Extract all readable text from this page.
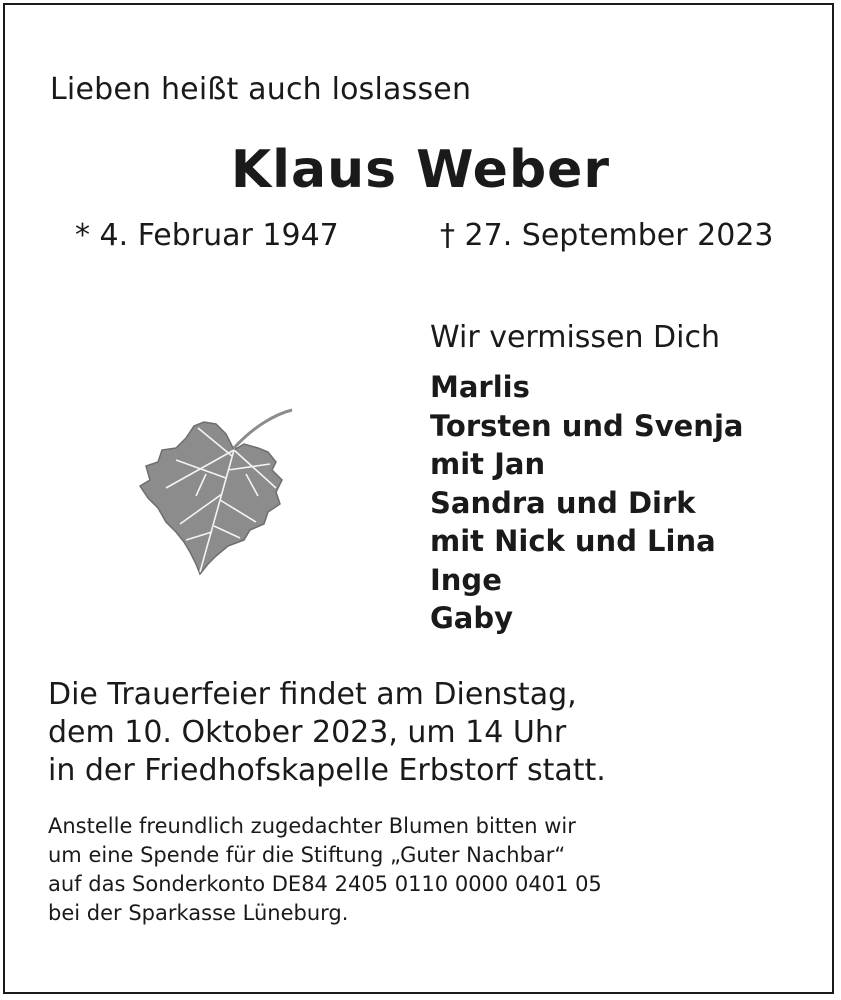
Lieben heißt auch loslassen
Klaus Weber
* 4. Februar 1947	† 27. September 2023
Wir vermissen Dich
Marlis
Torsten und Svenja
mit Jan
Sandra und Dirk
mit Nick und Lina
Inge
Gaby
Die Trauerfeier findet am Dienstag,
dem 10. Oktober 2023, um 14 Uhr
in der Friedhofskapelle Erbstorf statt.
Anstelle freundlich zugedachter Blumen bitten wir
um eine Spende für die Stiftung „Guter Nachbar“
auf das Sonderkonto DE84 2405 0110 0000 0401 05
bei der Sparkasse Lüneburg.
